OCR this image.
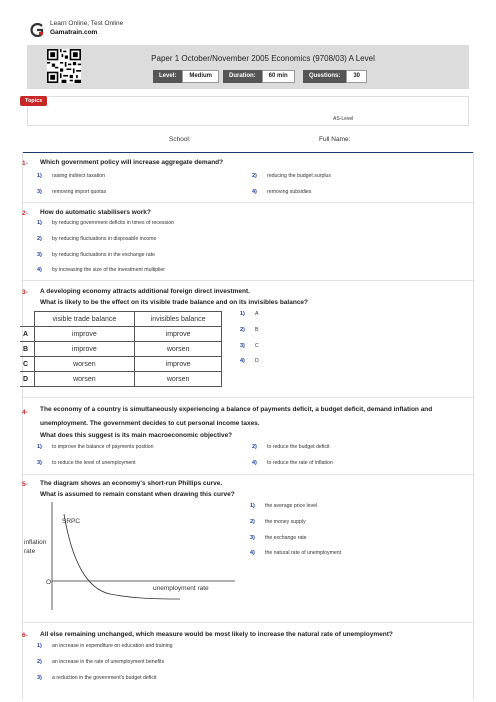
Learn Online, Test Online
Gamatrain.com
Paper 1 October/November 2005 Economics (9708/03) A Level
Level: Medium	Duration: 60 min	Questions: 30
Topics
AS-Level
School:	Full Name:
1- Which government policy will increase aggregate demand?
1) raising indirect taxation	2) reducing the budget surplus
3) removing import quotas	4) removing subsidies
2- How do automatic stabilisers work?
1) by reducing government deficits in times of recession
2) by reducing fluctuations in disposable income
3) by reducing fluctuations in the exchange rate
4) by increasing the size of the investment multiplier
3- A developing economy attracts additional foreign direct investment.
What is likely to be the effect on its visible trade balance and on its invisibles balance?
	visible trade balance	invisibles balance
A	improve	improve
B	improve	worsen
C	worsen	improve
D	worsen	worsen
1) A
2) B
3) C
4) D
4- The economy of a country is simultaneously experiencing a balance of payments deficit, a budget deficit, demand inflation and
unemployment. The government decides to cut personal income taxes.
What does this suggest is its main macroeconomic objective?
1) to improve the balance of payments position	2) to reduce the budget deficit
3) to reduce the level of unemployment	4) to reduce the rate of inflation
5- The diagram shows an economy's short-run Phillips curve.
What is assumed to remain constant when drawing this curve?
SRPC
inflation
rate
O
unemployment rate
1) the average price level
2) the money supply
3) the exchange rate
4) the natural rate of unemployment
6- All else remaining unchanged, which measure would be most likely to increase the natural rate of unemployment?
1) an increase in expenditure on education and training
2) an increase in the rate of unemployment benefits
3) a reduction in the government's budget deficit
